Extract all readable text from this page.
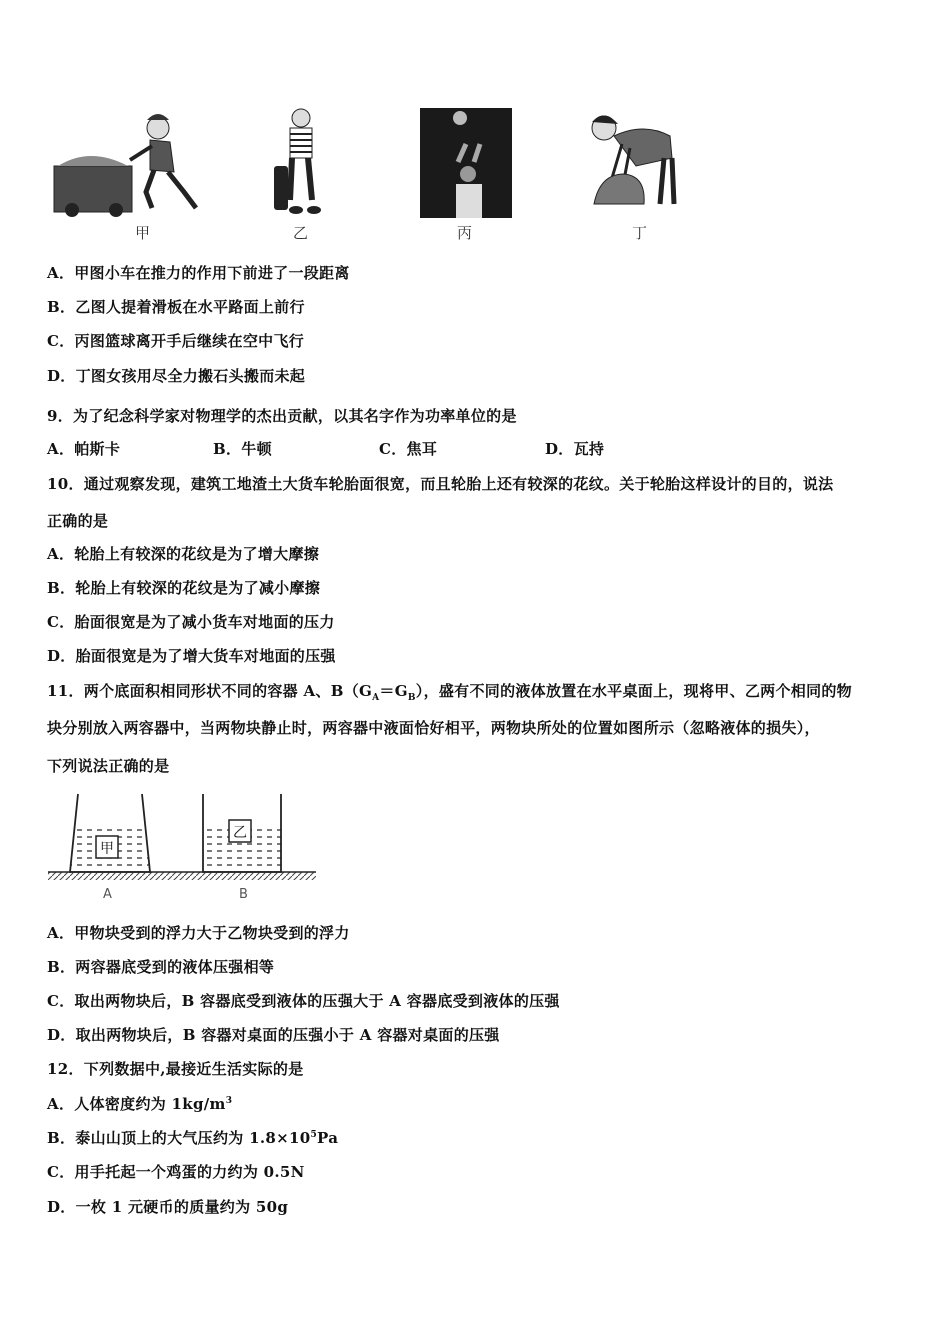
甲	乙	丙	丁
A．甲图小车在推力的作用下前进了一段距离
B．乙图人提着滑板在水平路面上前行
C．丙图篮球离开手后继续在空中飞行
D．丁图女孩用尽全力搬石头搬而未起
9．为了纪念科学家对物理学的杰出贡献，以其名字作为功率单位的是
A．帕斯卡	B．牛顿	C．焦耳	D．瓦持
10．通过观察发现，建筑工地渣土大货车轮胎面很宽，而且轮胎上还有较深的花纹。关于轮胎这样设计的目的，说法
正确的是
A．轮胎上有较深的花纹是为了增大摩擦
B．轮胎上有较深的花纹是为了减小摩擦
C．胎面很宽是为了减小货车对地面的压力
D．胎面很宽是为了增大货车对地面的压强
11．两个底面积相同形状不同的容器 A、$B(G_A=G_B)$，盛有不同的液体放置在水平桌面上，现将甲、乙两个相同的物
块分别放入两容器中，当两物块静止时，两容器中液面恰好相平，两物块所处的位置如图所示（忽略液体的损失），
下列说法正确的是
甲
乙
A	B
A．甲物块受到的浮力大于乙物块受到的浮力
B．两容器底受到的液体压强相等
C．取出两物块后，B 容器底受到液体的压强大于 A 容器底受到液体的压强
D．取出两物块后，B 容器对桌面的压强小于 A 容器对桌面的压强
12．下列数据中,最接近生活实际的是
A．人体密度约为 $1kg/m^3$
B．泰山山顶上的大气压约为 $1.8\times 10^5Pa$
C．用手托起一个鸡蛋的力约为 0.5N
D．一枚 1 元硬币的质量约为 50g
